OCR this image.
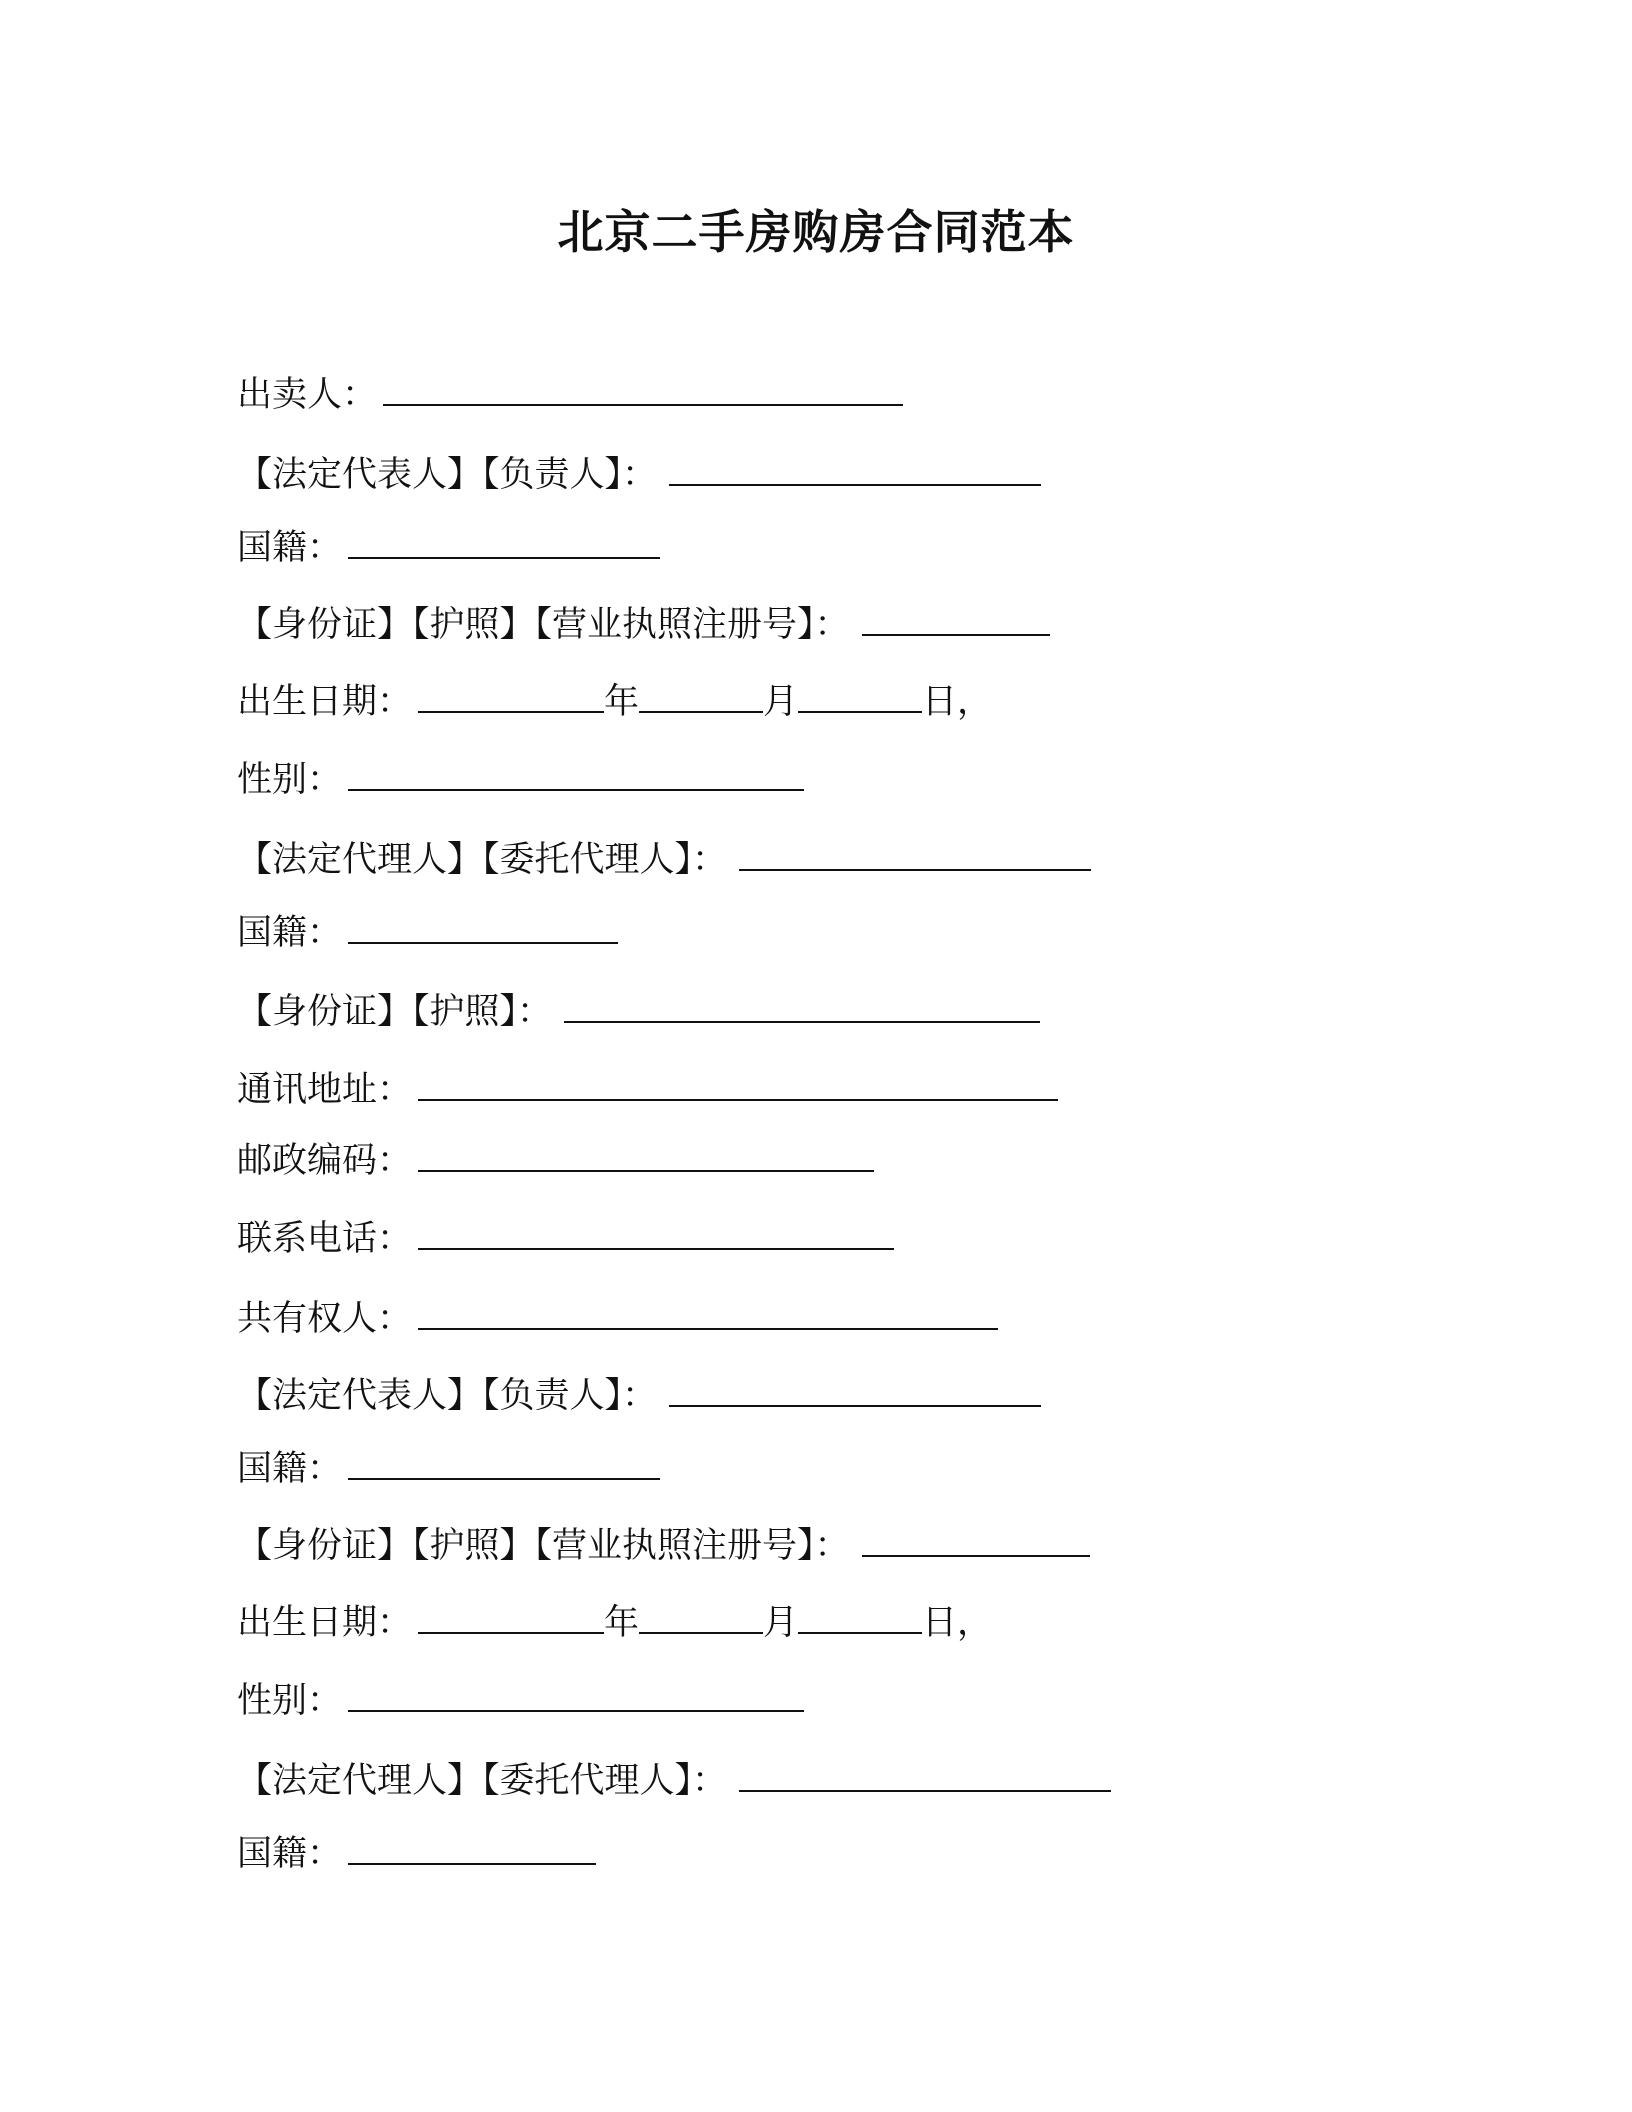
北京二手房购房合同范本
出卖人：
【法定代表人】【负责人】：
国籍：
【身份证】【护照】【营业执照注册号】：
出生日期：	年	月	日，
性别：
【法定代理人】【委托代理人】：
国籍：
【身份证】【护照】：
通讯地址：
邮政编码：
联系电话：
共有权人：
【法定代表人】【负责人】：
国籍：
【身份证】【护照】【营业执照注册号】：
出生日期：	年	月	日，
性别：
【法定代理人】【委托代理人】：
国籍：
